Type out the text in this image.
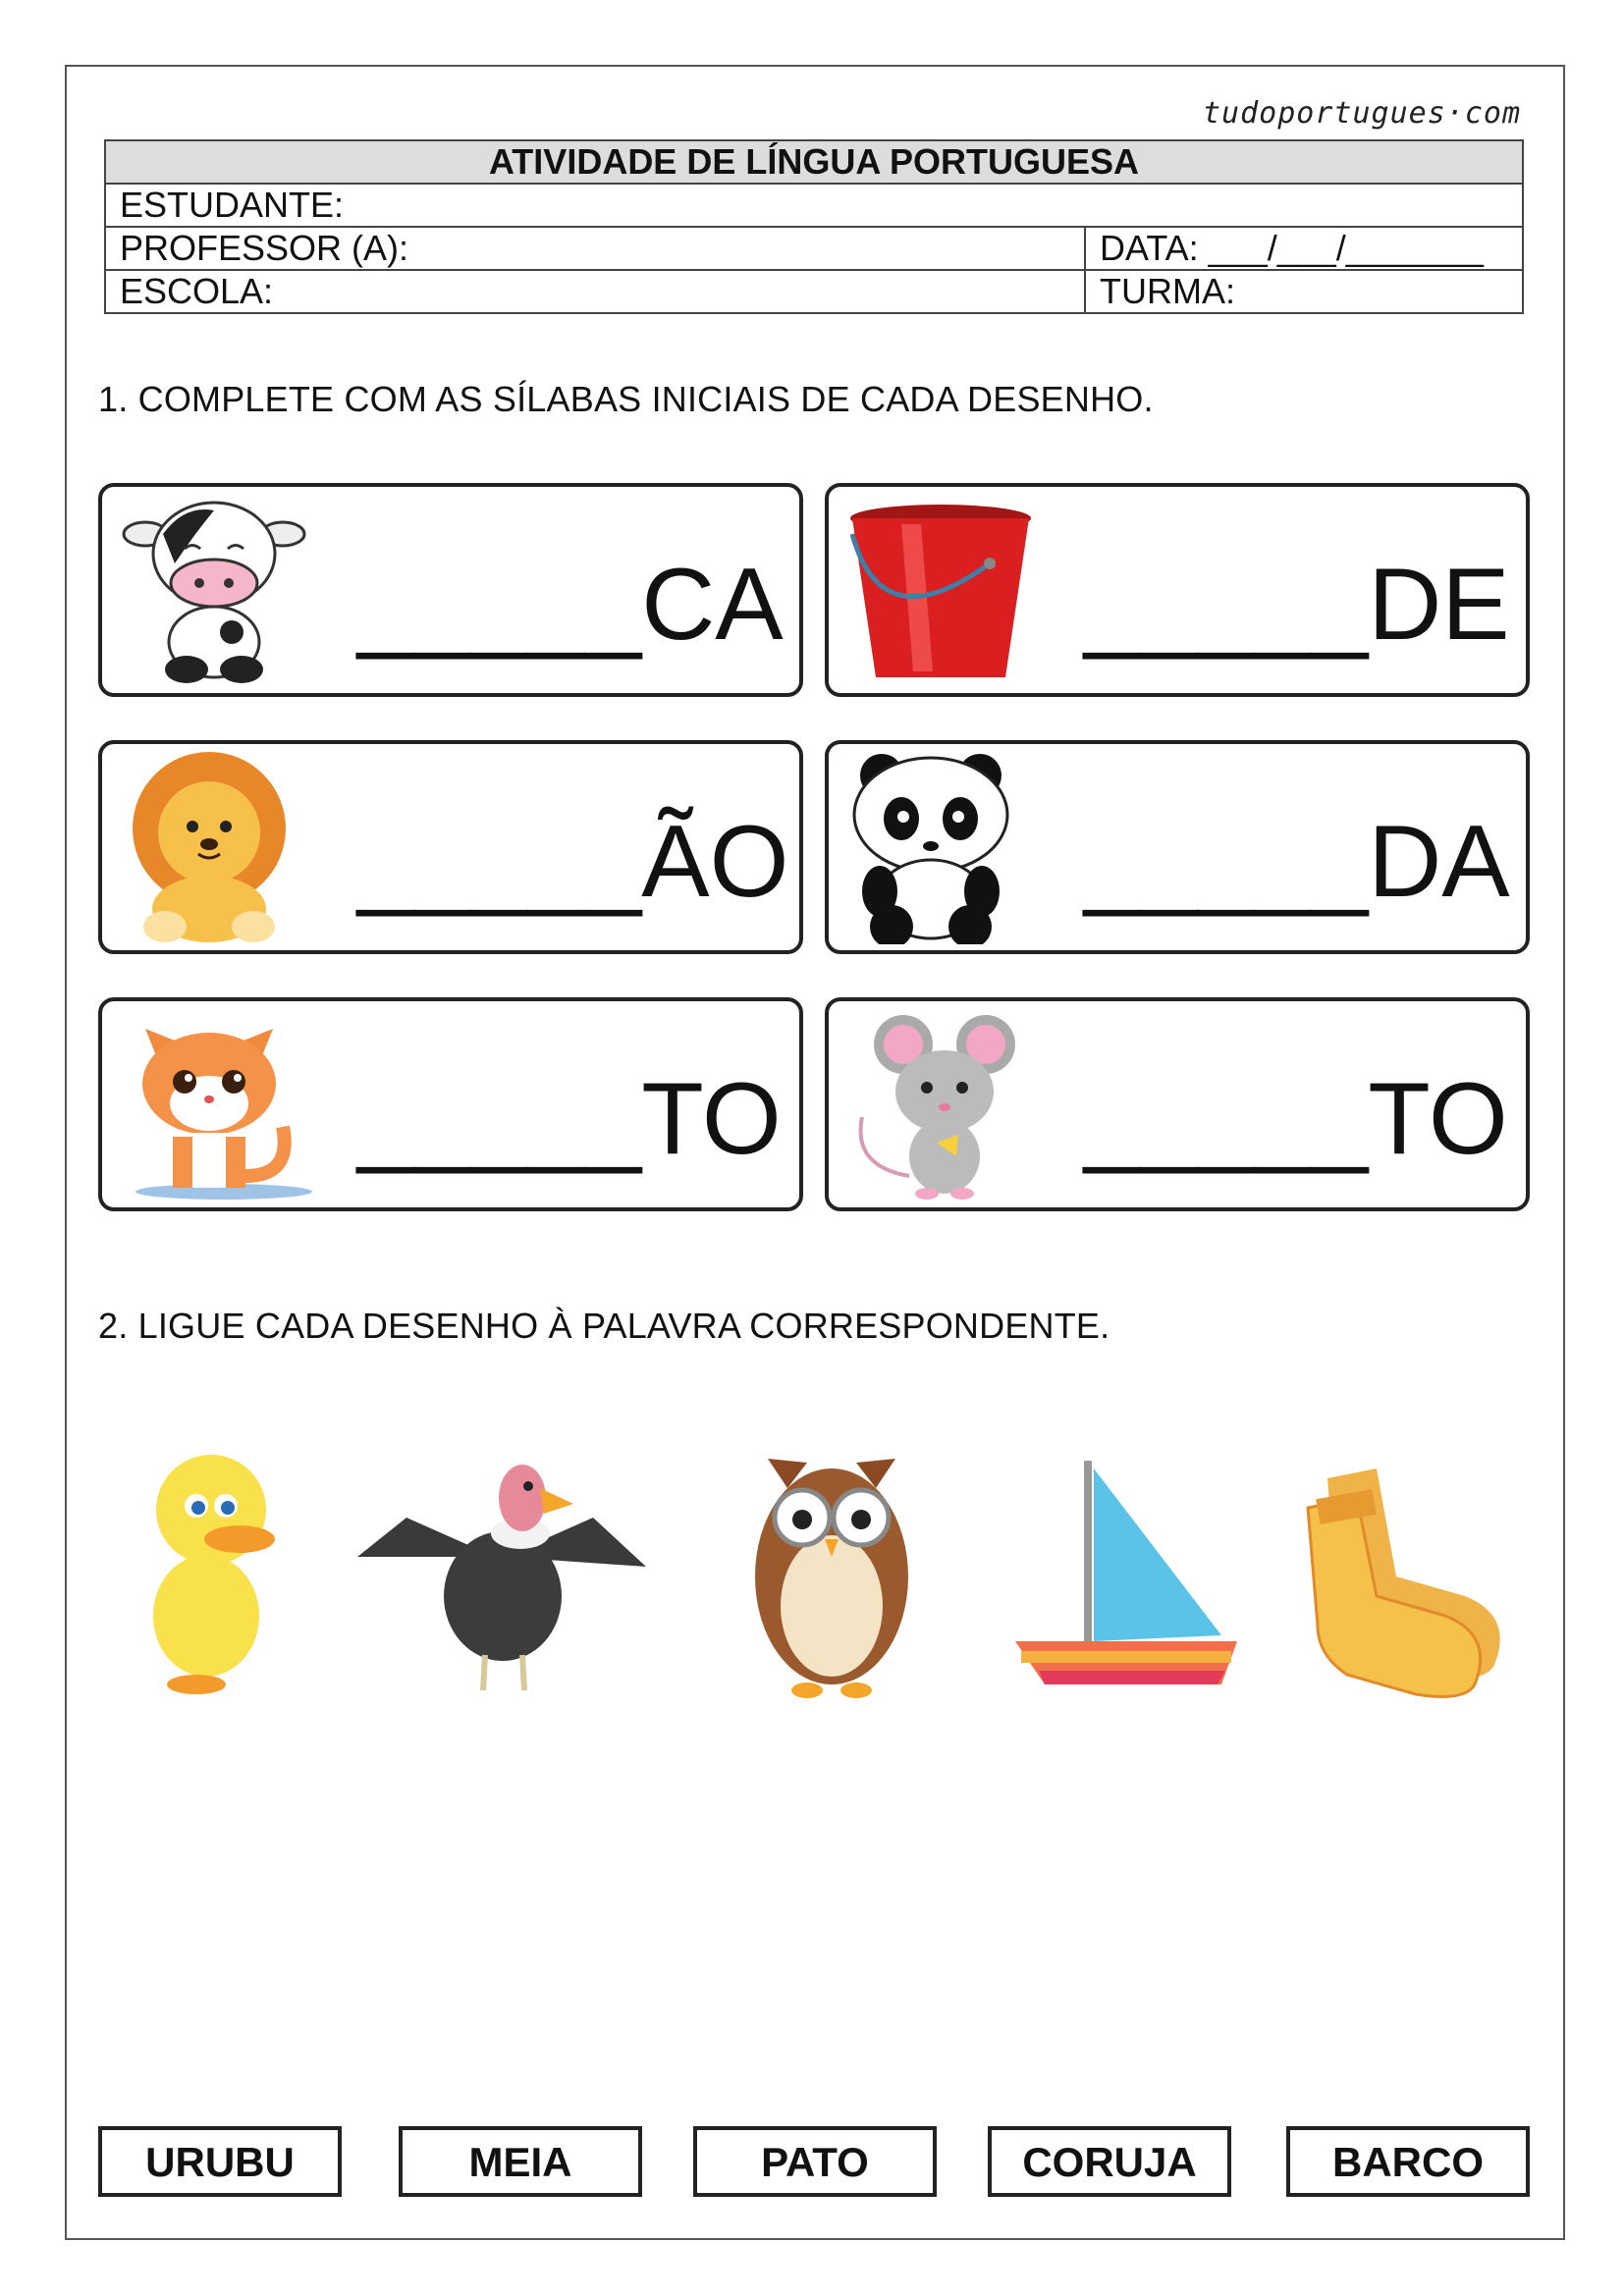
tudoportugues·com
ATIVIDADE DE LÍNGUA PORTUGUESA	
ESTUDANTE:	
PROFESSOR (A):	DATA: ___/___/_______
ESCOLA:	TURMA:
1. COMPLETE COM AS SÍLABAS INICIAIS DE CADA DESENHO.
_____CA	_____DE
_____ÃO	_____DA
_____TO	_____TO
2. LIGUE CADA DESENHO À PALAVRA CORRESPONDENTE.
URUBU	MEIA	PATO	CORUJA	BARCO
